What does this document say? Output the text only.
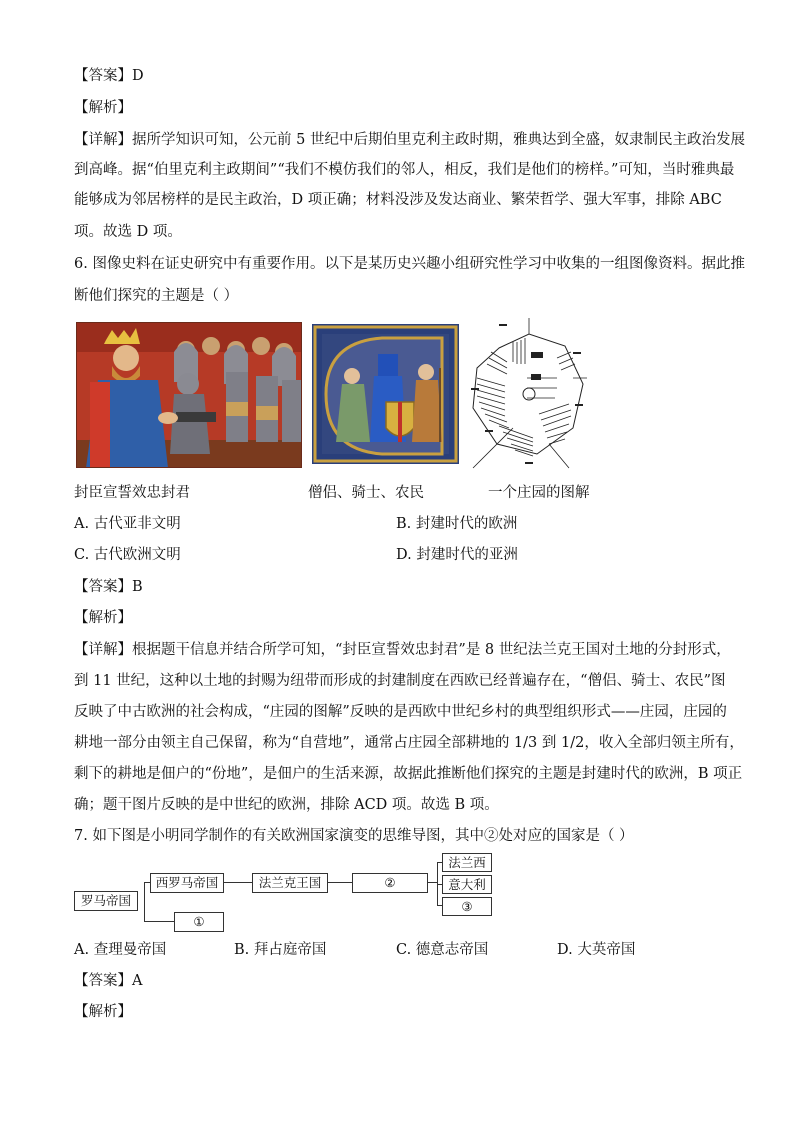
【答案】D
【解析】
【详解】据所学知识可知，公元前 5 世纪中后期伯里克利主政时期，雅典达到全盛，奴隶制民主政治发展
到高峰。据“伯里克利主政期间”“我们不模仿我们的邻人，相反，我们是他们的榜样。”可知，当时雅典最
能够成为邻居榜样的是民主政治，D 项正确；材料没涉及发达商业、繁荣哲学、强大军事，排除 ABC
项。故选 D 项。
6. 图像史料在证史研究中有重要作用。以下是某历史兴趣小组研究性学习中收集的一组图像资料。据此推
断他们探究的主题是（ ）
封臣宣誓效忠封君	僧侣、骑士、农民	一个庄园的图解
A. 古代亚非文明	B. 封建时代的欧洲
C. 古代欧洲文明	D. 封建时代的亚洲
【答案】B
【解析】
【详解】根据题干信息并结合所学可知，“封臣宣誓效忠封君”是 8 世纪法兰克王国对土地的分封形式，
到 11 世纪，这种以土地的封赐为纽带而形成的封建制度在西欧已经普遍存在，“僧侣、骑士、农民”图
反映了中古欧洲的社会构成，“庄园的图解”反映的是西欧中世纪乡村的典型组织形式——庄园，庄园的
耕地一部分由领主自己保留，称为“自营地”，通常占庄园全部耕地的 1/3 到 1/2，收入全部归领主所有，
剩下的耕地是佃户的“份地”，是佃户的生活来源，故据此推断他们探究的主题是封建时代的欧洲，B 项正
确；题干图片反映的是中世纪的欧洲，排除 ACD 项。故选 B 项。
7. 如下图是小明同学制作的有关欧洲国家演变的思维导图，其中②处对应的国家是（ ）
罗马帝国
西罗马帝国	法兰克王国
①
②
法兰西
意大利
③
A. 查理曼帝国	B. 拜占庭帝国	C. 德意志帝国	D. 大英帝国
【答案】A
【解析】
